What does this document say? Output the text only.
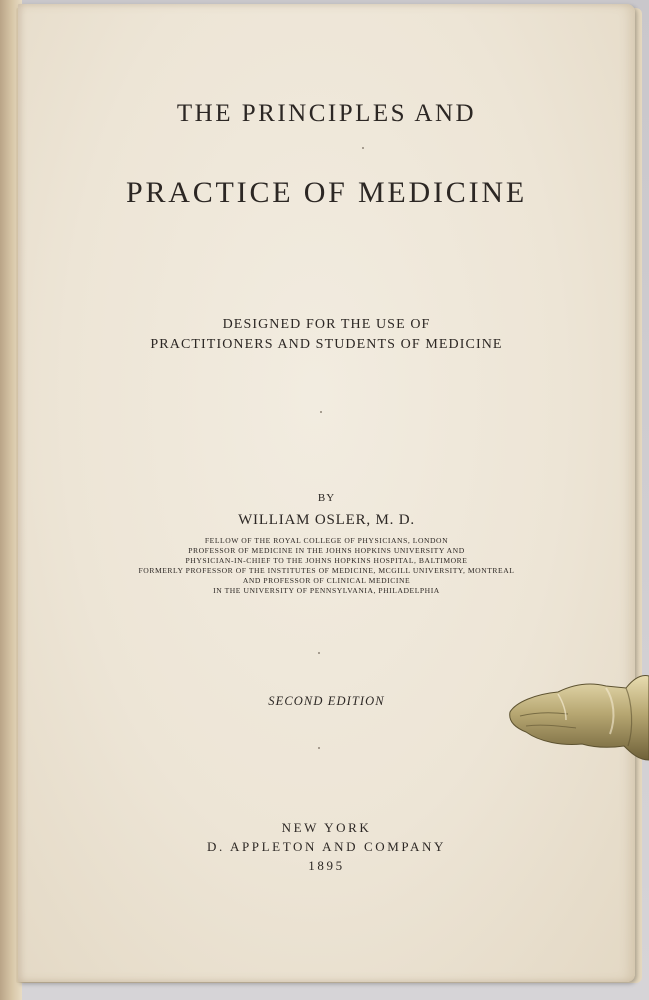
THE PRINCIPLES AND
PRACTICE OF MEDICINE
DESIGNED FOR THE USE OF
PRACTITIONERS AND STUDENTS OF MEDICINE
BY
WILLIAM OSLER, M. D.
FELLOW OF THE ROYAL COLLEGE OF PHYSICIANS, LONDON
PROFESSOR OF MEDICINE IN THE JOHNS HOPKINS UNIVERSITY AND
PHYSICIAN-IN-CHIEF TO THE JOHNS HOPKINS HOSPITAL, BALTIMORE
FORMERLY PROFESSOR OF THE INSTITUTES OF MEDICINE, MCGILL UNIVERSITY, MONTREAL
AND PROFESSOR OF CLINICAL MEDICINE
IN THE UNIVERSITY OF PENNSYLVANIA, PHILADELPHIA
SECOND EDITION
NEW YORK
D. APPLETON AND COMPANY
1895
